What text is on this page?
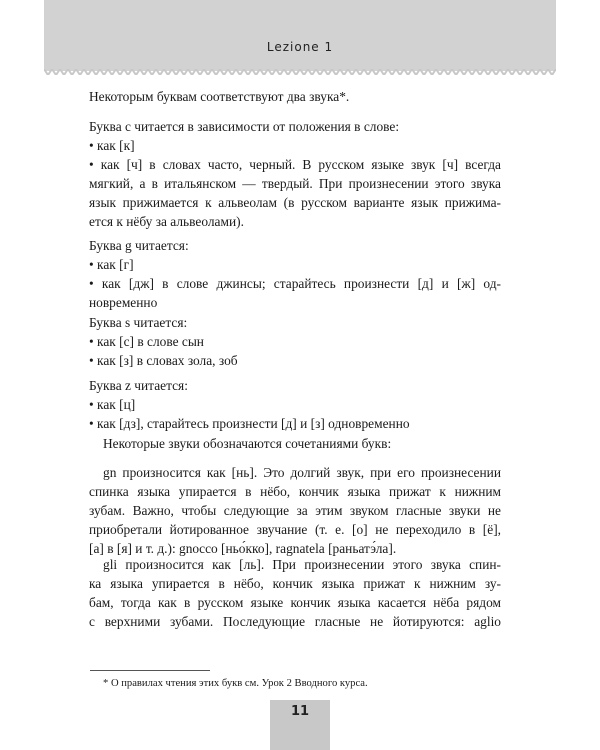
Lezione 1
Некоторым буквам соответствуют два звука*.
Буква c читается в зависимости от положения в слове:
• как [к]
• как [ч] в словах часто, черный. В русском языке звук [ч] всегда
мягкий, а в итальянском — твердый. При произнесении этого звука
язык прижимается к альвеолам (в русском варианте язык прижима-
ется к нёбу за альвеолами).
Буква g читается:
• как [г]
• как [дж] в слове джинсы; старайтесь произнести [д] и [ж] од-
новременно
Буква s читается:
• как [с] в слове сын
• как [з] в словах зола, зоб
Буква z читается:
• как [ц]
• как [дз], старайтесь произнести [д] и [з] одновременно
Некоторые звуки обозначаются сочетаниями букв:
gn произносится как [нь]. Это долгий звук, при его произнесении
спинка языка упирается в нёбо, кончик языка прижат к нижним
зубам. Важно, чтобы следующие за этим звуком гласные звуки не
приобретали йотированное звучание (т. е. [о] не переходило в [ё],
[а] в [я] и т. д.): gnocco [ньо́кко], ragnatela [раньатэ́ла].
gli произносится как [ль]. При произнесении этого звука спин-
ка языка упирается в нёбо, кончик языка прижат к нижним зу-
бам, тогда как в русском языке кончик языка касается нёба рядом
с верхними зубами. Последующие гласные не йотируются: aglio
* О правилах чтения этих букв см. Урок 2 Вводного курса.
11
